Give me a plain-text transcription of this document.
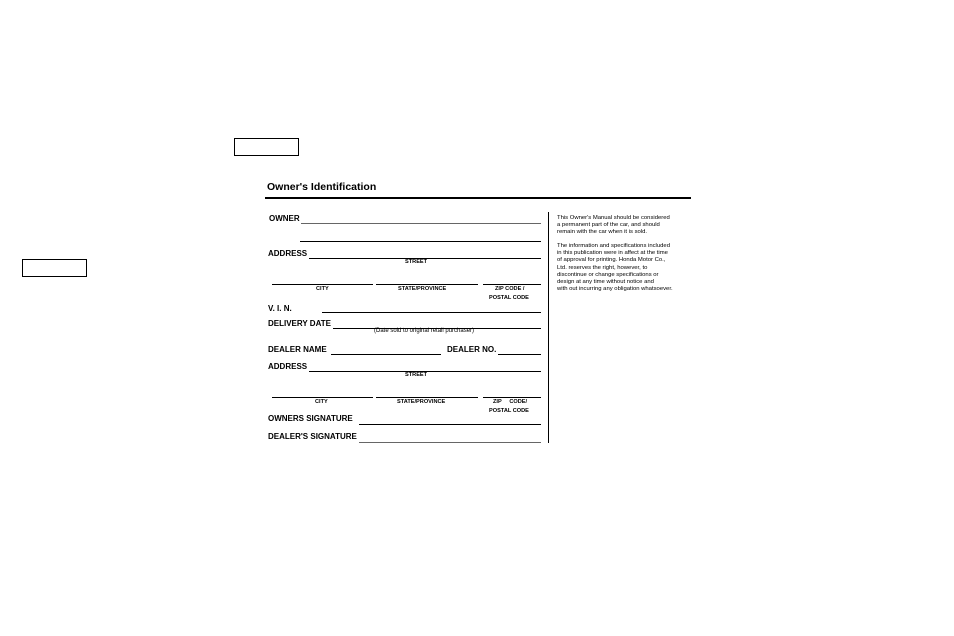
Owner's Identification
OWNER
ADDRESS
STREET
CITY	STATE/PROVINCE	ZIP CODE /
POSTAL CODE
V. I. N.
DELIVERY DATE
(Date sold to original retail purchaser)
DEALER NAME	DEALER NO.
ADDRESS
STREET
CITY	STATE/PROVINCE	ZIP     CODE/
POSTAL CODE
OWNERS SIGNATURE
DEALER'S SIGNATURE
This Owner's Manual should be considered
a permanent part of the car, and should
remain with the car when it is sold.
The information and specifications included
in this publication were in affect at the time
of approval for printing. Honda Motor Co.,
Ltd. reserves the right, however, to
discontinue or change specifications or
design at any time without notice and
with out incurring any obligation whatsoever.
